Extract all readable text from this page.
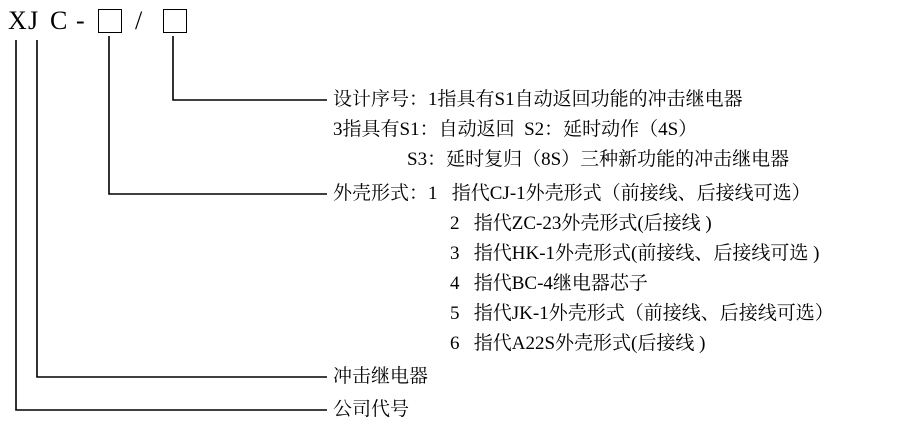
X J C - /
设计序号：1指具有S1自动返回功能的冲击继电器
3指具有S1：自动返回  S2：延时动作（4S）
S3：延时复归（8S）三种新功能的冲击继电器
外壳形式：1   指代CJ-1外壳形式（前接线、后接线可选）
2   指代ZC-23外壳形式(后接线 )
3   指代HK-1外壳形式(前接线、后接线可选 )
4   指代BC-4继电器芯子
5   指代JK-1外壳形式（前接线、后接线可选）
6   指代A22S外壳形式(后接线 )
冲击继电器
公司代号
